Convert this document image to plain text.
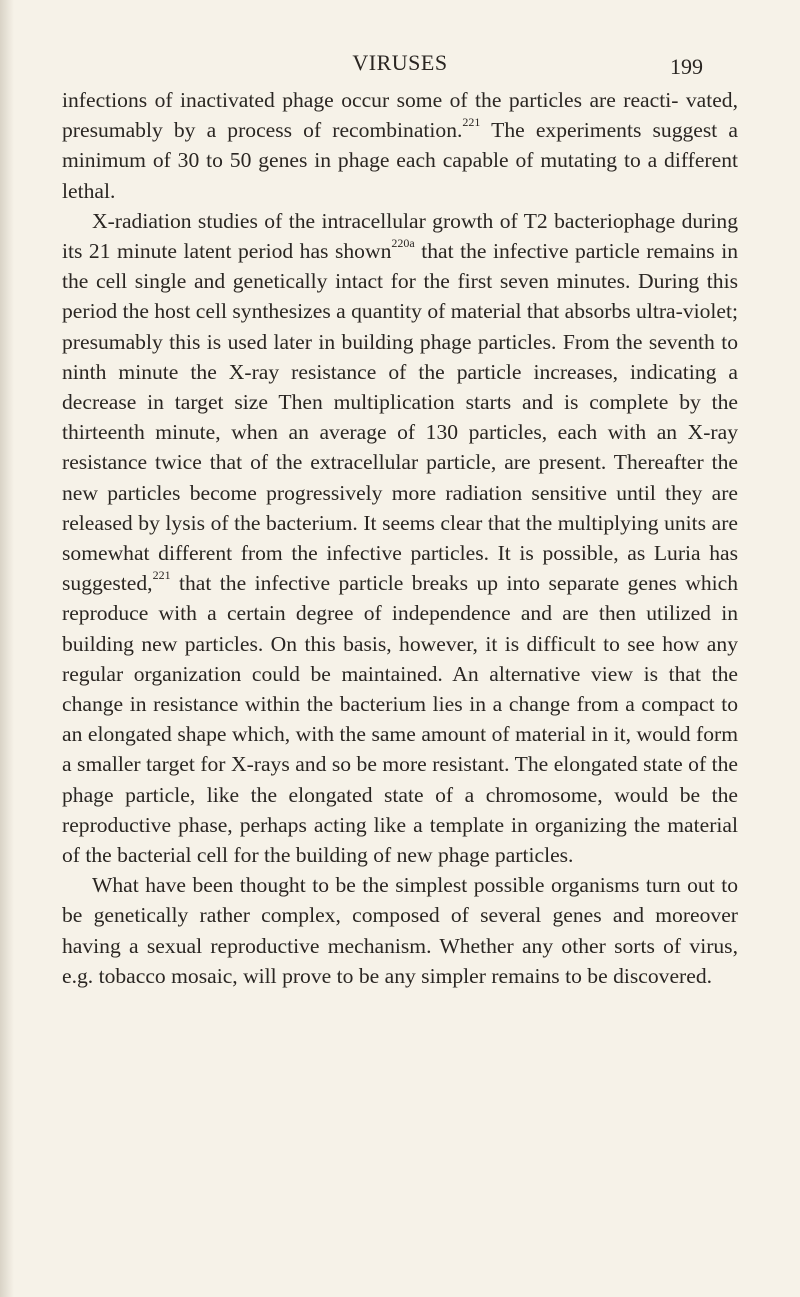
VIRUSES	199

infections of inactivated phage occur some of the particles are reacti- vated, presumably by a process of recombination.$^{221}$ The experiments suggest a minimum of 30 to 50 genes in phage each capable of mutating to a different lethal.

X-radiation studies of the intracellular growth of T2 bacteriophage during its 21 minute latent period has shown$^{220a}$ that the infective particle remains in the cell single and genetically intact for the first seven minutes. During this period the host cell synthesizes a quantity of material that absorbs ultra-violet; presumably this is used later in building phage particles. From the seventh to ninth minute the X-ray resistance of the particle increases, indicating a decrease in target size Then multiplication starts and is complete by the thirteenth minute, when an average of 130 particles, each with an X-ray resistance twice that of the extracellular particle, are present. Thereafter the new particles become progressively more radiation sensitive until they are released by lysis of the bacterium. It seems clear that the multiplying units are somewhat different from the infective particles. It is possible, as Luria has suggested,$^{221}$ that the infective particle breaks up into separate genes which reproduce with a certain degree of independence and are then utilized in building new particles. On this basis, however, it is difficult to see how any regular organization could be maintained. An alternative view is that the change in resistance within the bacterium lies in a change from a compact to an elongated shape which, with the same amount of material in it, would form a smaller target for X-rays and so be more resistant. The elongated state of the phage particle, like the elongated state of a chromosome, would be the reproductive phase, perhaps acting like a template in organizing the material of the bacterial cell for the building of new phage particles.

What have been thought to be the simplest possible organisms turn out to be genetically rather complex, composed of several genes and moreover having a sexual reproductive mechanism. Whether any other sorts of virus, e.g. tobacco mosaic, will prove to be any simpler remains to be discovered.
